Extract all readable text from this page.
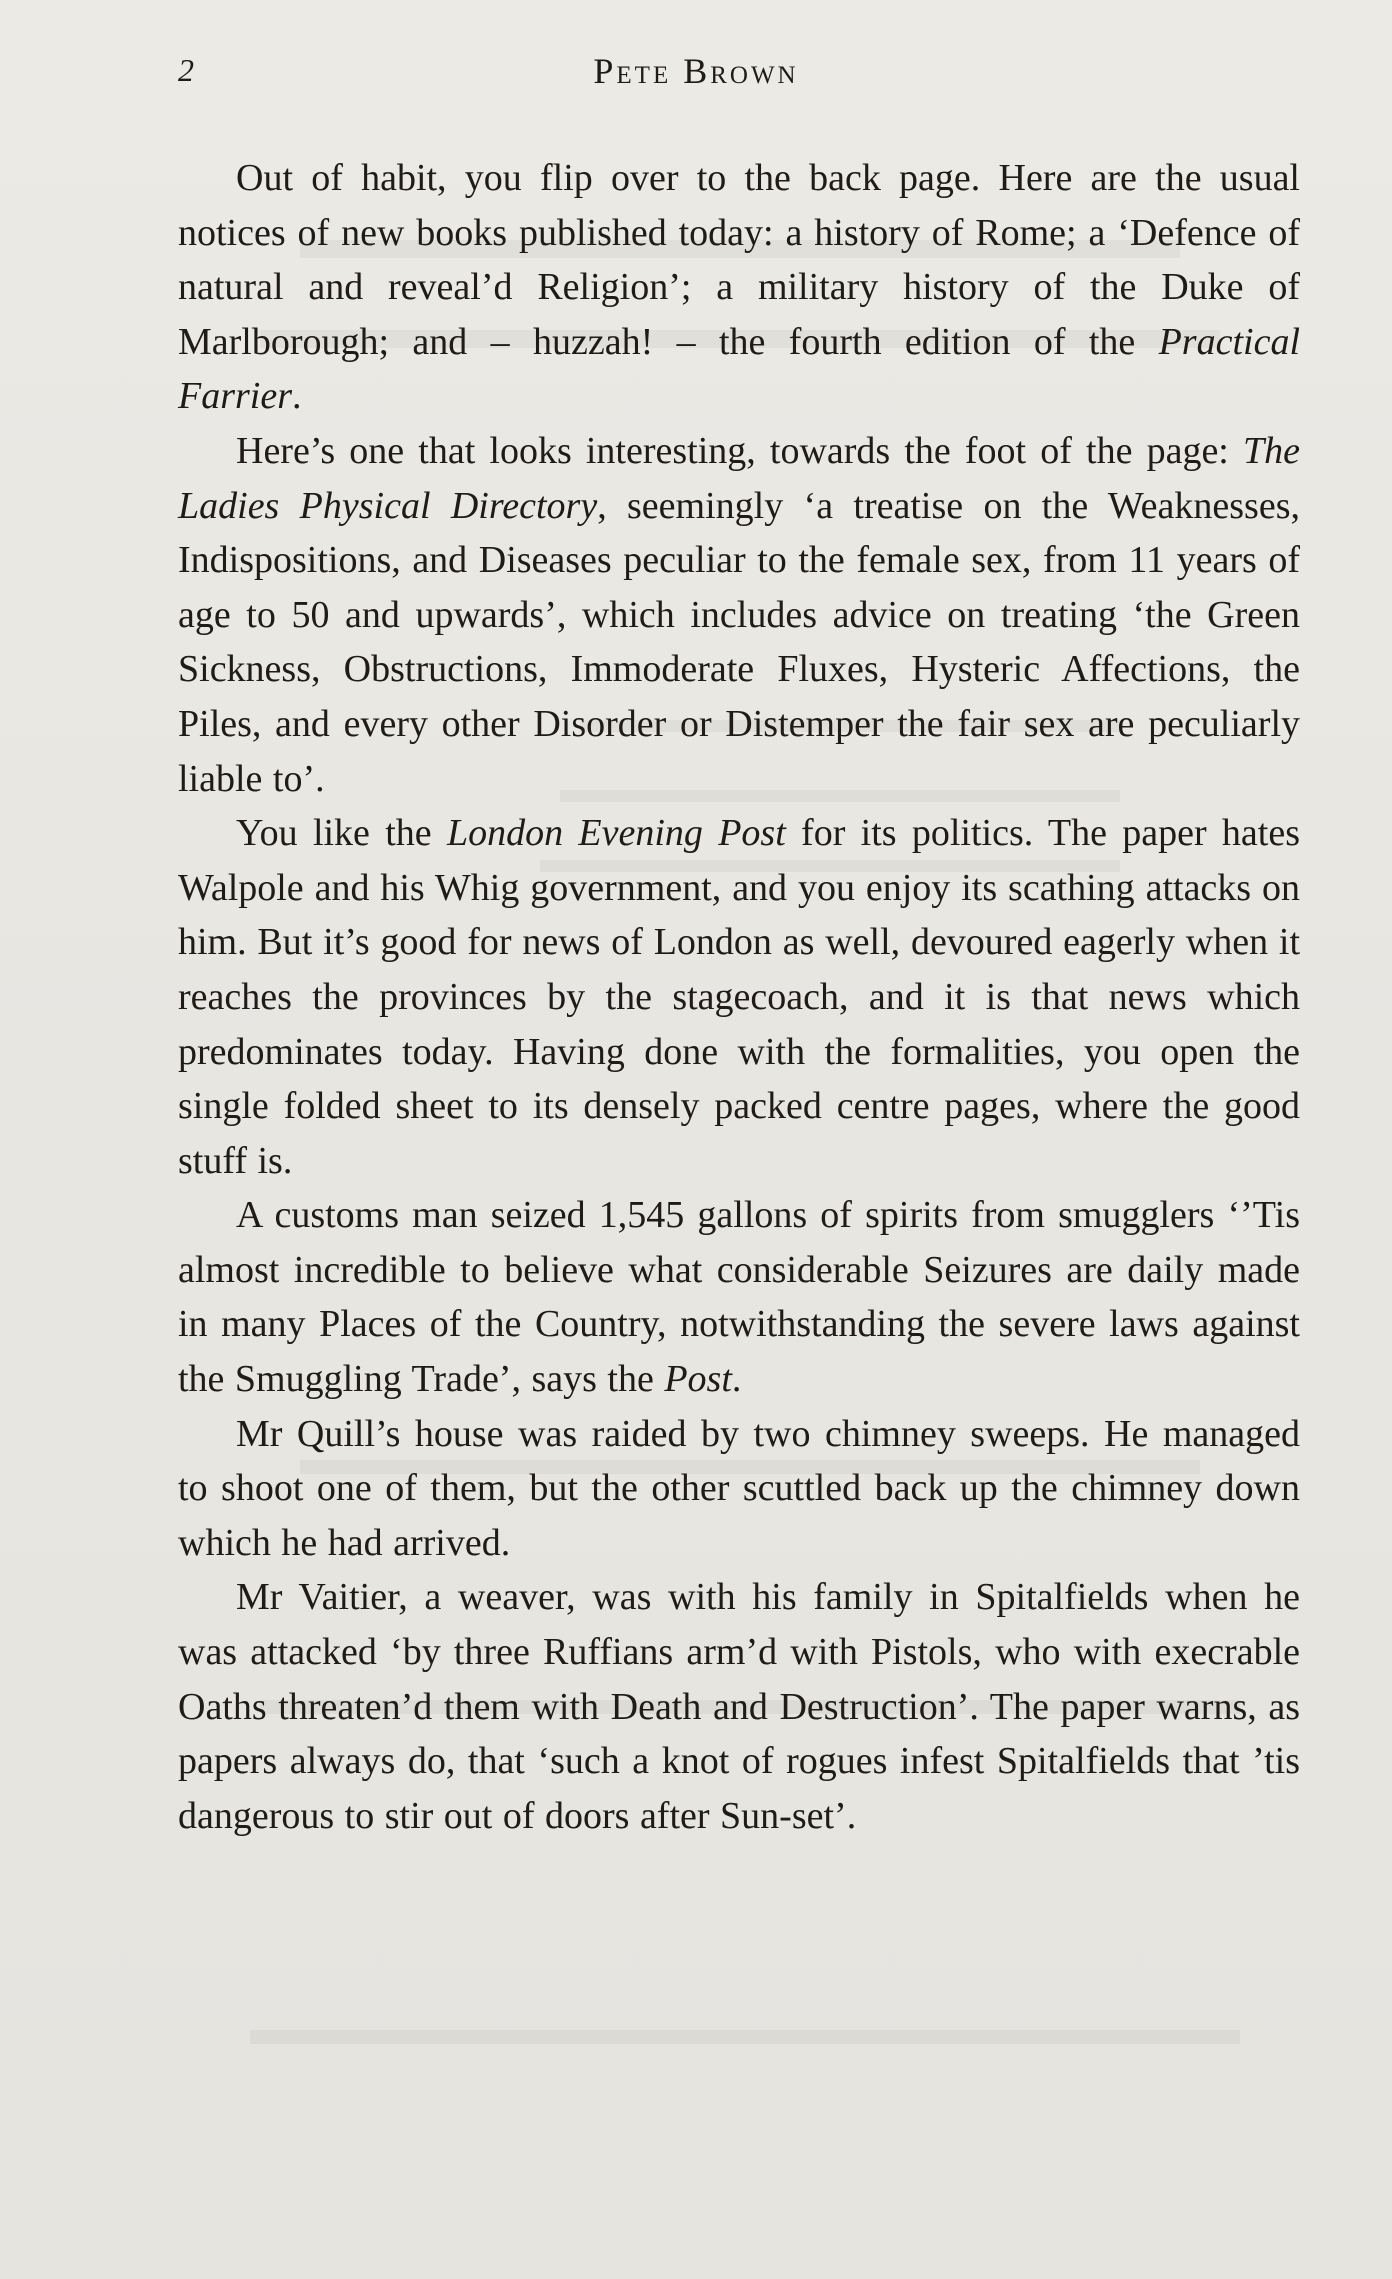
2	Pete Brown

Out of habit, you flip over to the back page. Here are the usual notices of new books published today: a history of Rome; a ‘Defence of natural and reveal’d Religion’; a military history of the Duke of Marlborough; and – huzzah! – the fourth edition of the Practical Farrier.

Here’s one that looks interesting, towards the foot of the page: The Ladies Physical Directory, seemingly ‘a treatise on the Weaknesses, Indispositions, and Diseases peculiar to the female sex, from 11 years of age to 50 and upwards’, which includes advice on treating ‘the Green Sickness, Obstructions, Immoderate Fluxes, Hysteric Affections, the Piles, and every other Disorder or Distemper the fair sex are peculiarly liable to’.

You like the London Evening Post for its politics. The paper hates Walpole and his Whig government, and you enjoy its scathing attacks on him. But it’s good for news of London as well, devoured eagerly when it reaches the provinces by the stagecoach, and it is that news which predominates today. Having done with the formalities, you open the single folded sheet to its densely packed centre pages, where the good stuff is.

A customs man seized 1,545 gallons of spirits from smugglers ‘’Tis almost incredible to believe what considerable Seizures are daily made in many Places of the Country, notwithstanding the severe laws against the Smuggling Trade’, says the Post.

Mr Quill’s house was raided by two chimney sweeps. He managed to shoot one of them, but the other scuttled back up the chimney down which he had arrived.

Mr Vaitier, a weaver, was with his family in Spitalfields when he was attacked ‘by three Ruffians arm’d with Pistols, who with execrable Oaths threaten’d them with Death and Destruction’. The paper warns, as papers always do, that ‘such a knot of rogues infest Spitalfields that ’tis dangerous to stir out of doors after Sun-set’.
